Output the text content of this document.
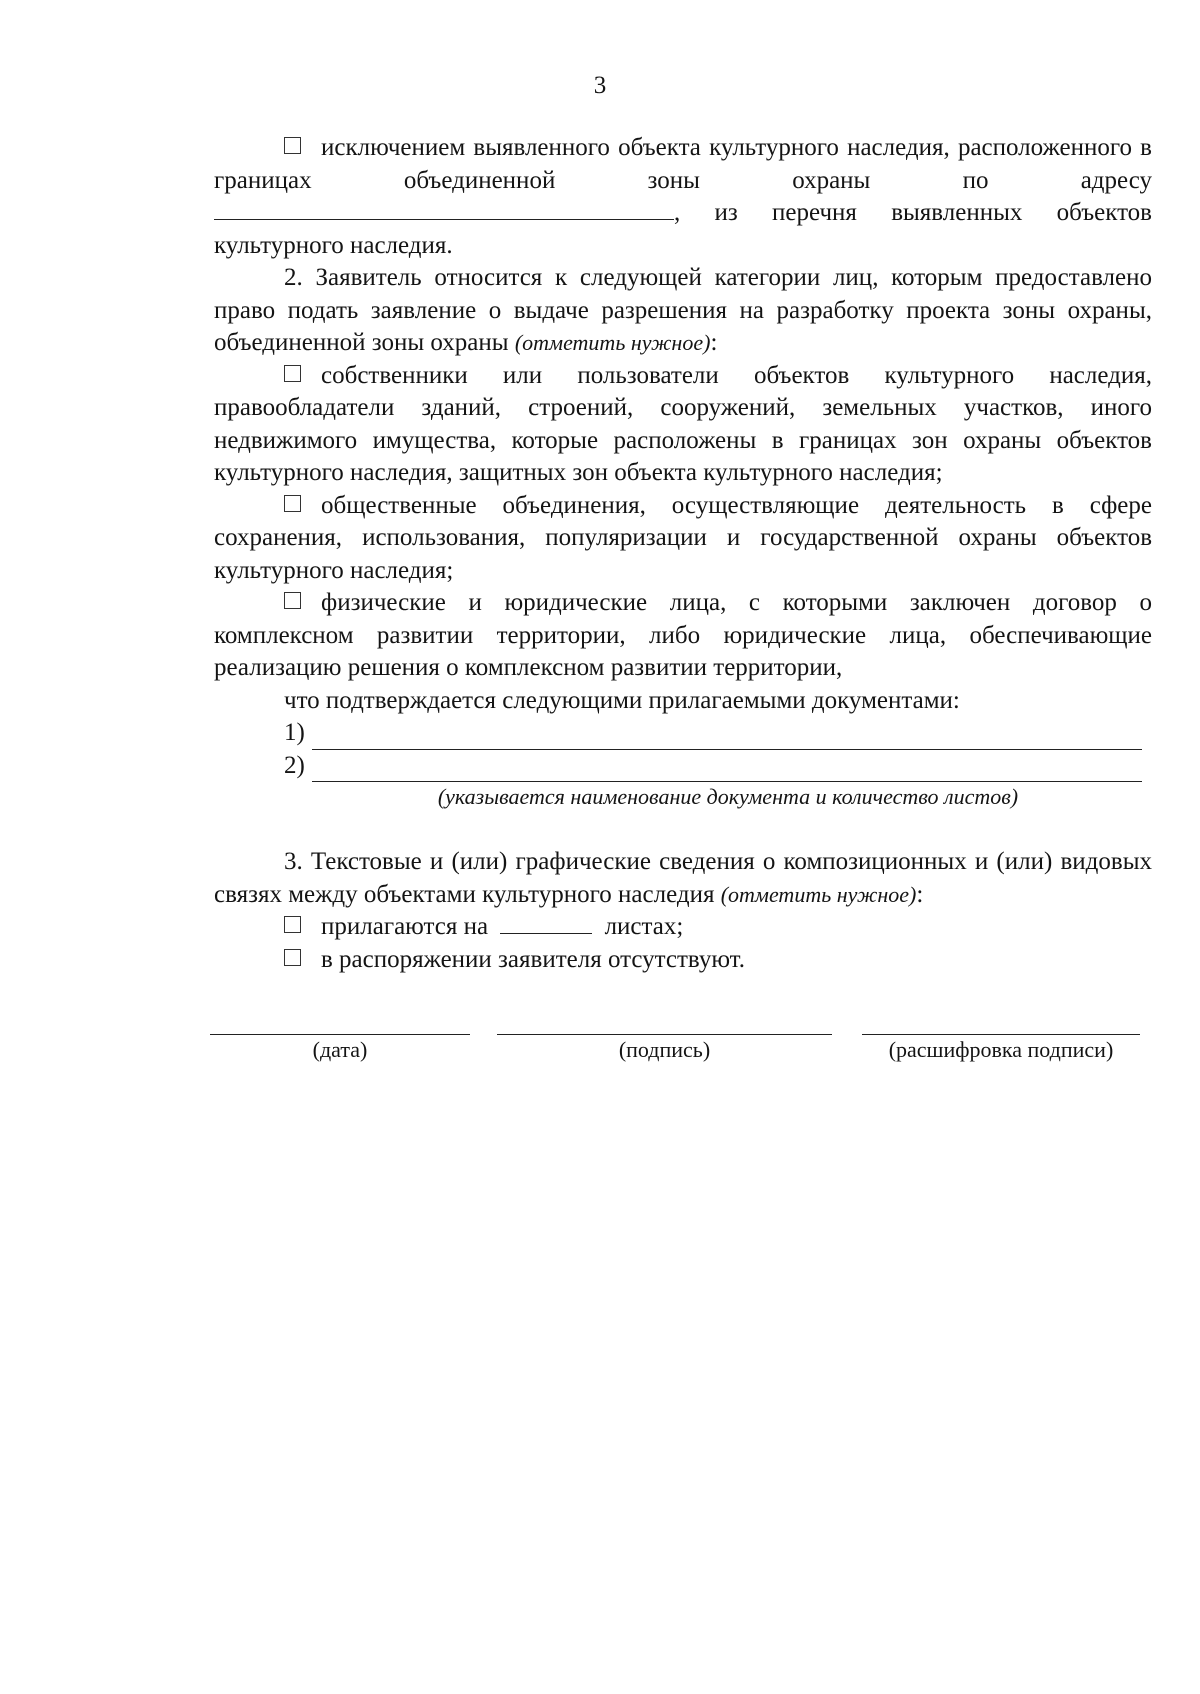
3

исключением выявленного объекта культурного наследия, расположенного в границах объединенной зоны охраны по адресу , из перечня выявленных объектов культурного наследия.

2. Заявитель относится к следующей категории лиц, которым предоставлено право подать заявление о выдаче разрешения на разработку проекта зоны охраны, объединенной зоны охраны (отметить нужное):

собственники или пользователи объектов культурного наследия, правообладатели зданий, строений, сооружений, земельных участков, иного недвижимого имущества, которые расположены в границах зон охраны объектов культурного наследия, защитных зон объекта культурного наследия;

общественные объединения, осуществляющие деятельность в сфере сохранения, использования, популяризации и государственной охраны объектов культурного наследия;

физические и юридические лица, с которыми заключен договор о комплексном развитии территории, либо юридические лица, обеспечивающие реализацию решения о комплексном развитии территории,

что подтверждается следующими прилагаемыми документами:

1)
2)
(указывается наименование документа и количество листов)

3. Текстовые и (или) графические сведения о композиционных и (или) видовых связях между объектами культурного наследия (отметить нужное):

прилагаются на	листах;

в распоряжении заявителя отсутствуют.

(дата)	(подпись)	(расшифровка подписи)
